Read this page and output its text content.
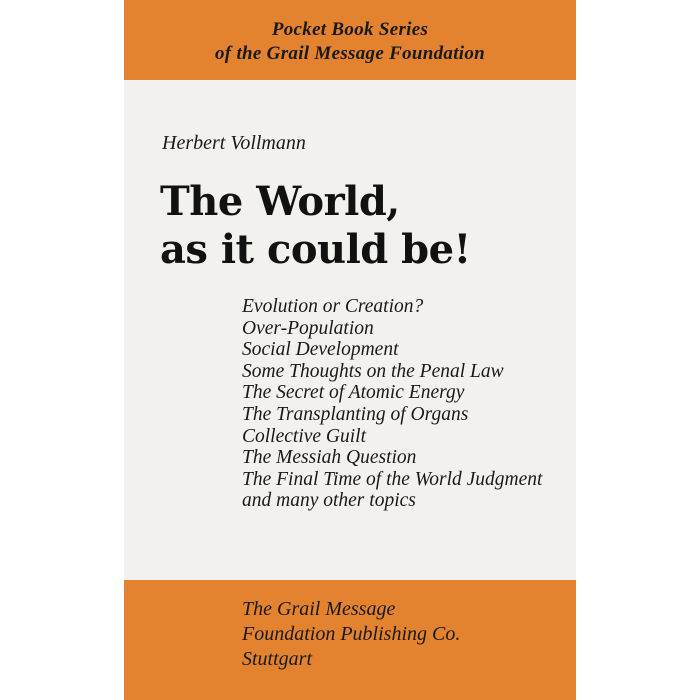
Pocket Book Series
of the Grail Message Foundation
Herbert Vollmann
The World,
as it could be!
Evolution or Creation?
Over-Population
Social Development
Some Thoughts on the Penal Law
The Secret of Atomic Energy
The Transplanting of Organs
Collective Guilt
The Messiah Question
The Final Time of the World Judgment
and many other topics
The Grail Message
Foundation Publishing Co.
Stuttgart
